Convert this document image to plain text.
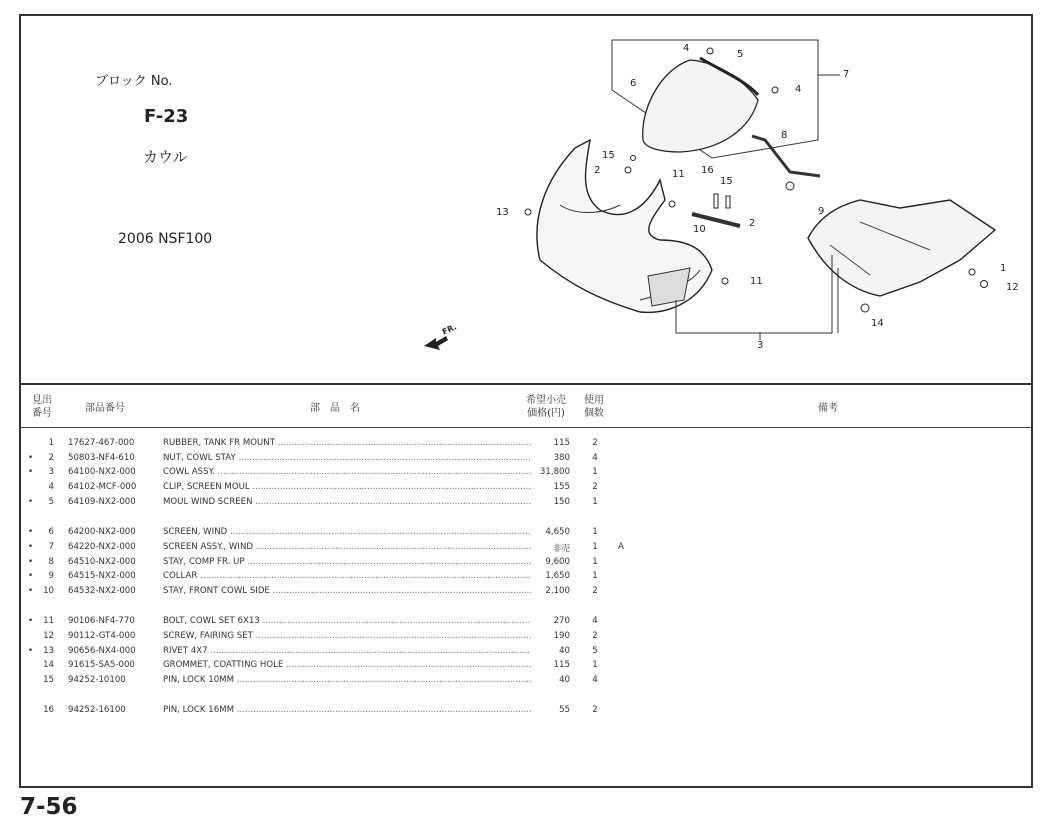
ブロック No.
F-23
カウル
2006 NSF100
4
5
6
7
4
8
15
2	11 16
15
13	9
2
10
1
11
12
14
3
FR.
見出
番号	部品番号	部　品　名
希望小売
価格(円)
使用
個数	備考
1 17627-467-000	RUBBER, TANK FR MOUNT .....	115	2
•	2 50803-NF4-610	NUT, COWL STAY .....	380	4
•	3 64100-NX2-000	COWL ASSY. .....	31,800	1
4 64102-MCF-000	CLIP, SCREEN MOUL .....	155	2
•	5 64109-NX2-000	MOUL WIND SCREEN .....	150	1
•	6 64200-NX2-000	SCREEN, WIND .....	4,650	1
•	7 64220-NX2-000	SCREEN ASSY., WIND .....	非売	1 A
•	8 64510-NX2-000	STAY, COMP FR. UP .....	9,600	1
•	9 64515-NX2-000	COLLAR .....	1,650	1
•	10 64532-NX2-000	STAY, FRONT COWL SIDE .....	2,100	2
•	11 90106-NF4-770	BOLT, COWL SET 6X13 .....	270	4
12 90112-GT4-000	SCREW, FAIRING SET .....	190	2
•	13 90656-NX4-000	RIVET 4X7 .....	40	5
14 91615-SA5-000	GROMMET, COATTING HOLE .....	115	1
15 94252-10100	PIN, LOCK 10MM .....	40	4
16 94252-16100	PIN, LOCK 16MM .....	55	2
7-56
